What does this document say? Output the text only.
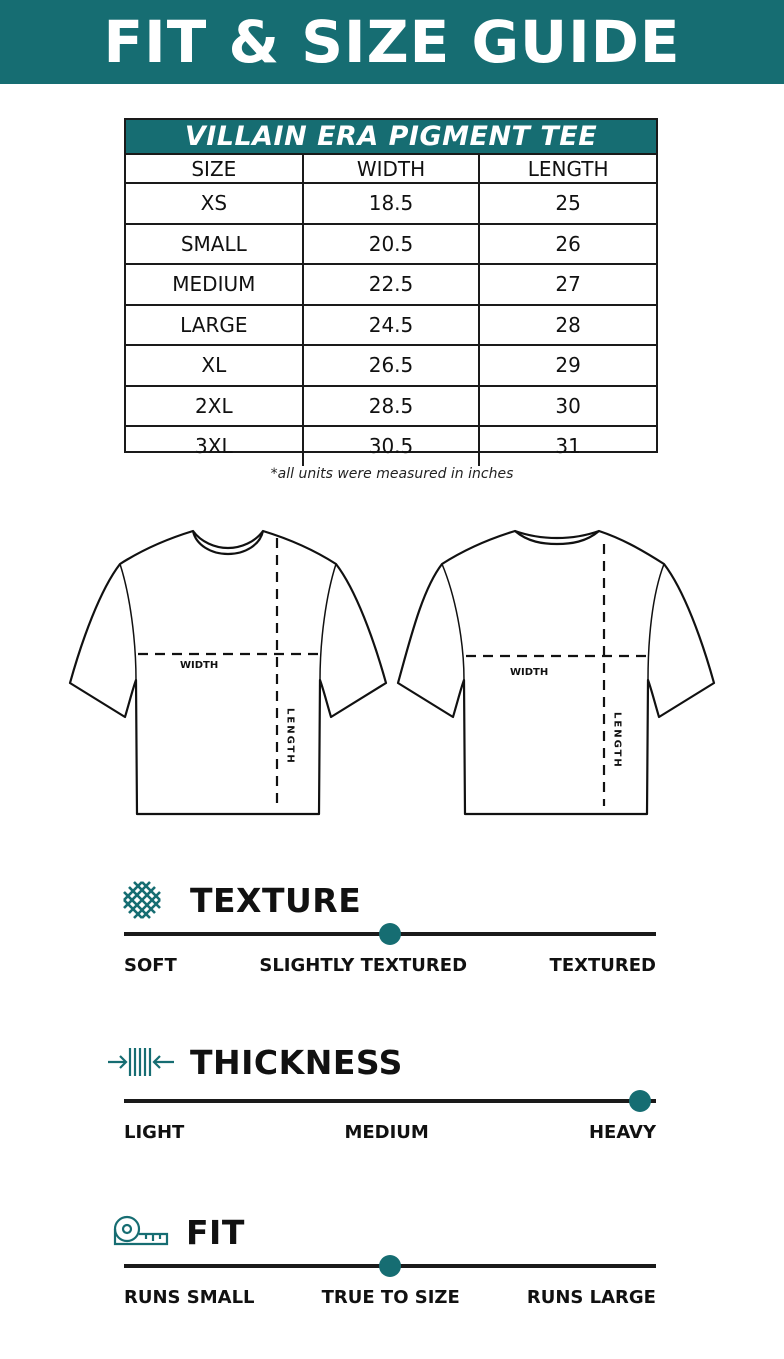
FIT & SIZE GUIDE
VILLAIN ERA PIGMENT TEE
SIZE	WIDTH	LENGTH
XS	18.5	25
SMALL	20.5	26
MEDIUM	22.5	27
LARGE	24.5	28
XL	26.5	29
2XL	28.5	30
3XL	30.5	31
*all units were measured in inches
WIDTH
LENGTH
WIDTH
LENGTH
TEXTURE
SOFT	SLIGHTLY TEXTURED	TEXTURED
THICKNESS
LIGHT	MEDIUM	HEAVY
FIT
RUNS SMALL	TRUE TO SIZE	RUNS LARGE
